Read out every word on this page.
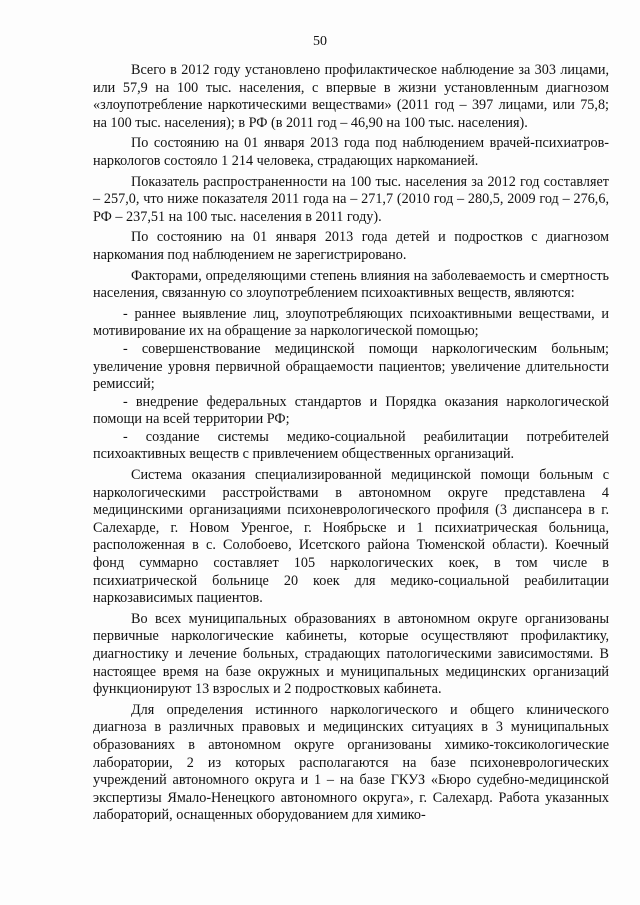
50

Всего в 2012 году установлено профилактическое наблюдение за 303 лицами, или 57,9 на 100 тыс. населения, с впервые в жизни установленным диагнозом «злоупотребление наркотическими веществами» (2011 год – 397 лицами, или 75,8; на 100 тыс. населения); в РФ (в 2011 год – 46,90 на 100 тыс. населения).

По состоянию на 01 января 2013 года под наблюдением врачей-психиатров-наркологов состояло 1 214 человека, страдающих наркоманией.

Показатель распространенности на 100 тыс. населения за 2012 год составляет – 257,0, что ниже показателя 2011 года на – 271,7 (2010 год – 280,5, 2009 год – 276,6, РФ – 237,51 на 100 тыс. населения в 2011 году).

По состоянию на 01 января 2013 года детей и подростков с диагнозом наркомания под наблюдением не зарегистрировано.

Факторами, определяющими степень влияния на заболеваемость и смертность населения, связанную со злоупотреблением психоактивных веществ, являются:

- раннее выявление лиц, злоупотребляющих психоактивными веществами, и мотивирование их на обращение за наркологической помощью;

- совершенствование медицинской помощи наркологическим больным; увеличение уровня первичной обращаемости пациентов; увеличение длительности ремиссий;

- внедрение федеральных стандартов и Порядка оказания наркологической помощи на всей территории РФ;

- создание системы медико-социальной реабилитации потребителей психоактивных веществ с привлечением общественных организаций.

Система оказания специализированной медицинской помощи больным с наркологическими расстройствами в автономном округе представлена 4 медицинскими организациями психоневрологического профиля (3 диспансера в г. Салехарде, г. Новом Уренгое, г. Ноябрьске и 1 психиатрическая больница, расположенная в с. Солобоево, Исетского района Тюменской области). Коечный фонд суммарно составляет 105 наркологических коек, в том числе в психиатрической больнице 20 коек для медико-социальной реабилитации наркозависимых пациентов.

Во всех муниципальных образованиях в автономном округе организованы первичные наркологические кабинеты, которые осуществляют профилактику, диагностику и лечение больных, страдающих патологическими зависимостями. В настоящее время на базе окружных и муниципальных медицинских организаций функционируют 13 взрослых и 2 подростковых кабинета.

Для определения истинного наркологического и общего клинического диагноза в различных правовых и медицинских ситуациях в 3 муниципальных образованиях в автономном округе организованы химико-токсикологические лаборатории, 2 из которых располагаются на базе психоневрологических учреждений автономного округа и 1 – на базе ГКУЗ «Бюро судебно-медицинской экспертизы Ямало-Ненецкого автономного округа», г. Салехард. Работа указанных лабораторий, оснащенных оборудованием для химико-
